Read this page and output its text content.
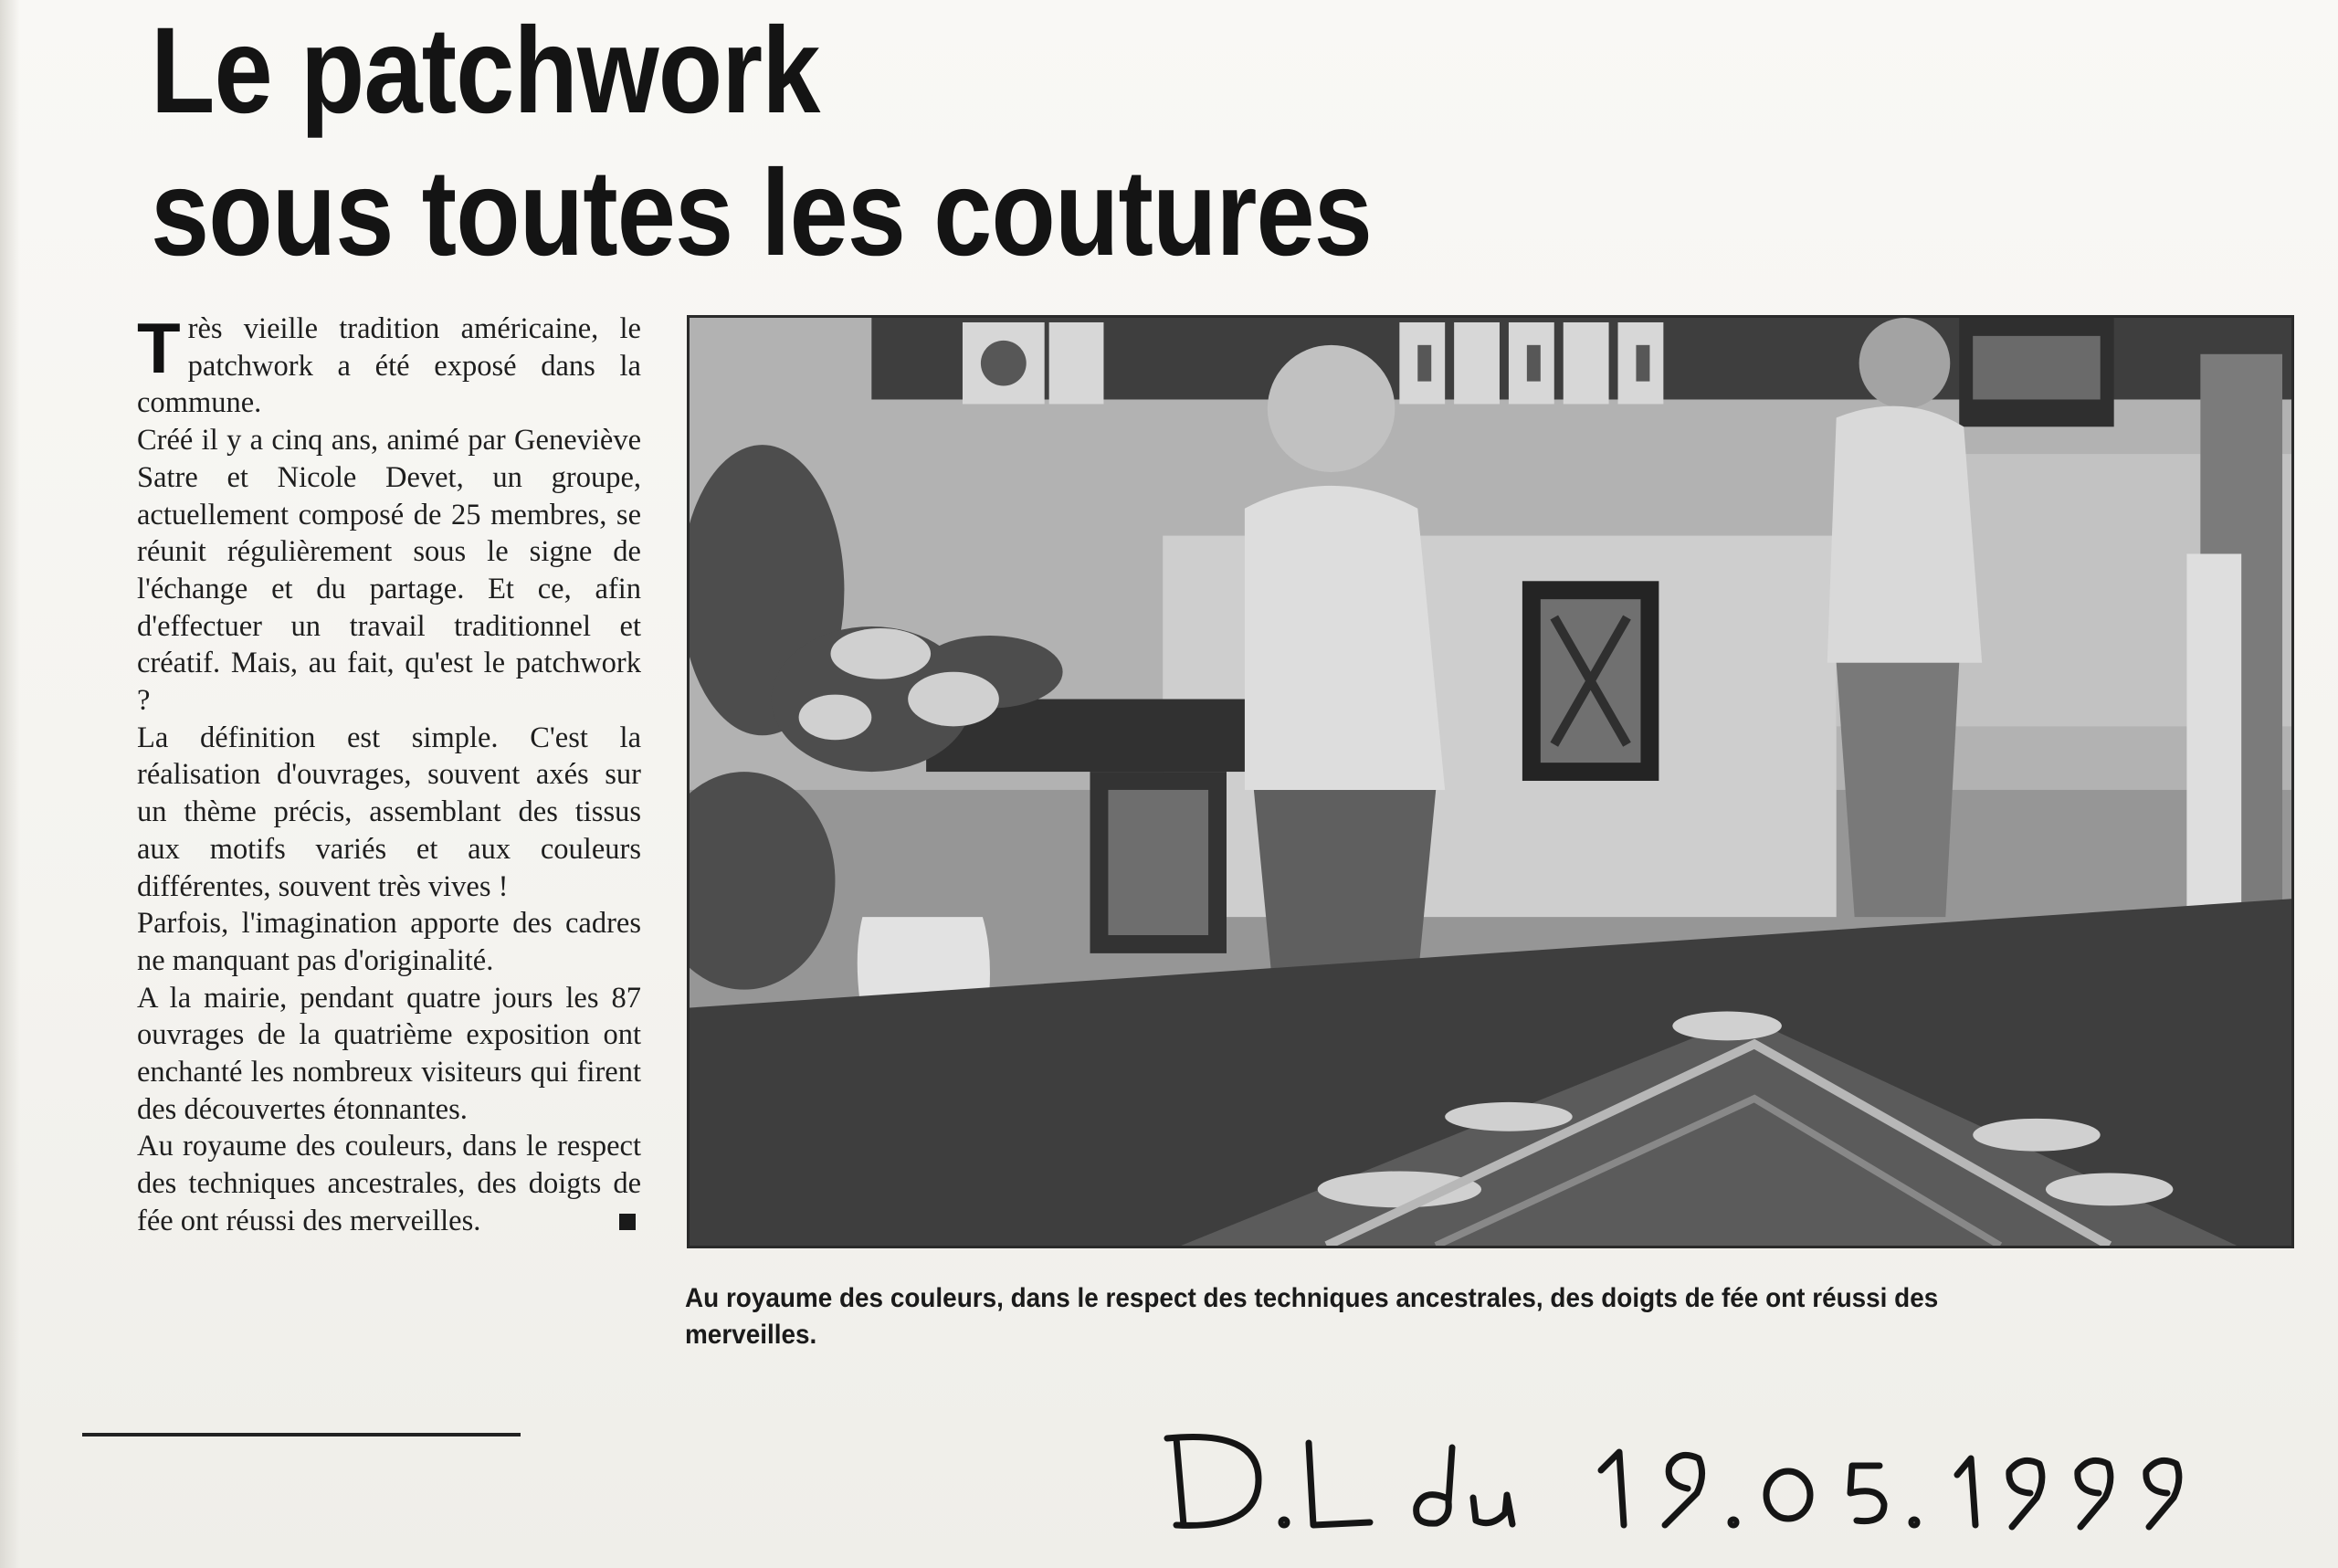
Le patchwork
sous toutes les coutures

Très vieille tradition américaine, le patchwork a été exposé dans la commune.

Créé il y a cinq ans, animé par Geneviève Satre et Nicole Devet, un groupe, actuellement composé de 25 membres, se réunit régulièrement sous le signe de l'échange et du partage. Et ce, afin d'effectuer un travail traditionnel et créatif. Mais, au fait, qu'est le patchwork ?

La définition est simple. C'est la réalisation d'ouvrages, souvent axés sur un thème précis, assemblant des tissus aux motifs variés et aux couleurs différentes, souvent très vives !

Parfois, l'imagination apporte des cadres ne manquant pas d'originalité.

A la mairie, pendant quatre jours les 87 ouvrages de la quatrième exposition ont enchanté les nombreux visiteurs qui firent des découvertes étonnantes.

Au royaume des couleurs, dans le respect des techniques ancestrales, des doigts de fée ont réussi des merveilles.

Au royaume des couleurs, dans le respect des techniques ancestrales, des doigts de fée ont réussi des merveilles.
